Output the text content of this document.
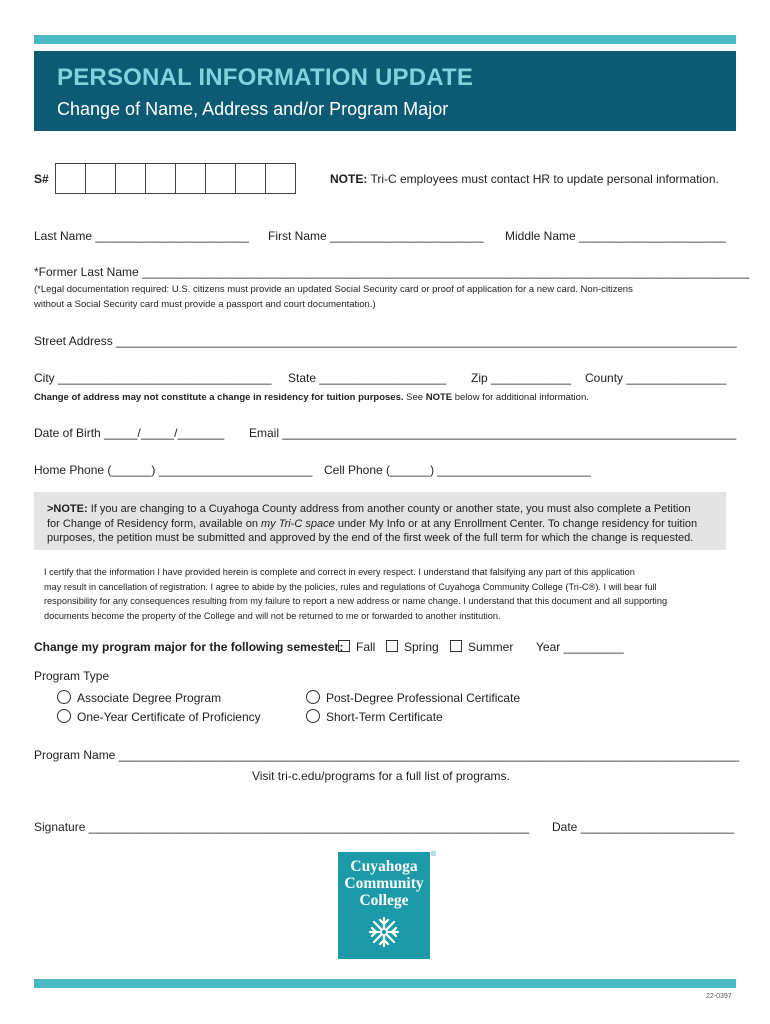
PERSONAL INFORMATION UPDATE
Change of Name, Address and/or Program Major
S#	NOTE: Tri-C employees must contact HR to update personal information.
Last Name _______________________ First Name _______________________ Middle Name ______________________
*Former Last Name ___________________________________________________________________________________________
(*Legal documentation required: U.S. citizens must provide an updated Social Security card or proof of application for a new card. Non-citizens
without a Social Security card must provide a passport and court documentation.)
Street Address _____________________________________________________________________________________________
City ________________________________ State ___________________ Zip ____________ County _______________
Change of address may not constitute a change in residency for tuition purposes. See NOTE below for additional information.
Date of Birth _____/_____/_______ Email ____________________________________________________________________
Home Phone (______) _______________________ Cell Phone (______) _______________________
>NOTE: If you are changing to a Cuyahoga County address from another county or another state, you must also complete a Petition
for Change of Residency form, available on my Tri-C space under My Info or at any Enrollment Center. To change residency for tuition
purposes, the petition must be submitted and approved by the end of the first week of the full term for which the change is requested.
I certify that the information I have provided herein is complete and correct in every respect. I understand that falsifying any part of this application
may result in cancellation of registration. I agree to abide by the policies, rules and regulations of Cuyahoga Community College (Tri-C®). I will bear full
responsibility for any consequences resulting from my failure to report a new address or name change. I understand that this document and all supporting
documents become the property of the College and will not be returned to me or forwarded to another institution.
Change my program major for the following semester:	Fall	Spring	Summer Year _________
Program Type
Associate Degree Program
One-Year Certificate of Proficiency
Post-Degree Professional Certificate
Short-Term Certificate
Program Name _____________________________________________________________________________________________
Visit tri-c.edu/programs for a full list of programs.
Signature __________________________________________________________________ Date _______________________
Cuyahoga
Community
College
®
22-0397
